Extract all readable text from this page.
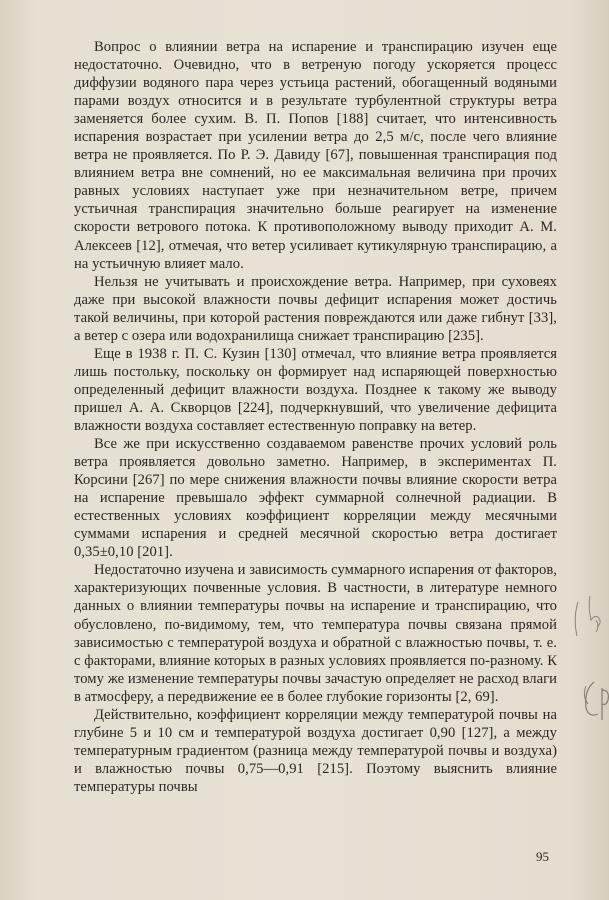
Вопрос о влиянии ветра на испарение и транспирацию изучен еще недостаточно. Очевидно, что в ветреную погоду ускоряется процесс диффузии водяного пара через устьица растений, обогащенный водяными парами воздух относится и в результате турбулентной структуры ветра заменяется более сухим. В. П. Попов [188] считает, что интенсивность испарения возрастает при усилении ветра до 2,5 м/с, после чего влияние ветра не проявляется. По Р. Э. Давиду [67], повышенная транспирация под влиянием ветра вне сомнений, но ее максимальная величина при прочих равных условиях наступает уже при незначительном ветре, причем устьичная транспирация значительно больше реагирует на изменение скорости ветрового потока. К противоположному выводу приходит А. М. Алексеев [12], отмечая, что ветер усиливает кутикулярную транспирацию, а на устьичную влияет мало.

Нельзя не учитывать и происхождение ветра. Например, при суховеях даже при высокой влажности почвы дефицит испарения может достичь такой величины, при которой растения повреждаются или даже гибнут [33], а ветер с озера или водохранилища снижает транспирацию [235].

Еще в 1938 г. П. С. Кузин [130] отмечал, что влияние ветра проявляется лишь постольку, поскольку он формирует над испаряющей поверхностью определенный дефицит влажности воздуха. Позднее к такому же выводу пришел А. А. Скворцов [224], подчеркнувший, что увеличение дефицита влажности воздуха составляет естественную поправку на ветер.

Все же при искусственно создаваемом равенстве прочих условий роль ветра проявляется довольно заметно. Например, в экспериментах П. Корсини [267] по мере снижения влажности почвы влияние скорости ветра на испарение превышало эффект суммарной солнечной радиации. В естественных условиях коэффициент корреляции между месячными суммами испарения и средней месячной скоростью ветра достигает 0,35±0,10 [201].

Недостаточно изучена и зависимость суммарного испарения от факторов, характеризующих почвенные условия. В частности, в литературе немного данных о влиянии температуры почвы на испарение и транспирацию, что обусловлено, по-видимому, тем, что температура почвы связана прямой зависимостью с температурой воздуха и обратной с влажностью почвы, т. е. с факторами, влияние которых в разных условиях проявляется по-разному. К тому же изменение температуры почвы зачастую определяет не расход влаги в атмосферу, а передвижение ее в более глубокие горизонты [2, 69].

Действительно, коэффициент корреляции между температурой почвы на глубине 5 и 10 см и температурой воздуха достигает 0,90 [127], а между температурным градиентом (разница между температурой почвы и воздуха) и влажностью почвы 0,75—0,91 [215]. Поэтому выяснить влияние температуры почвы

95
